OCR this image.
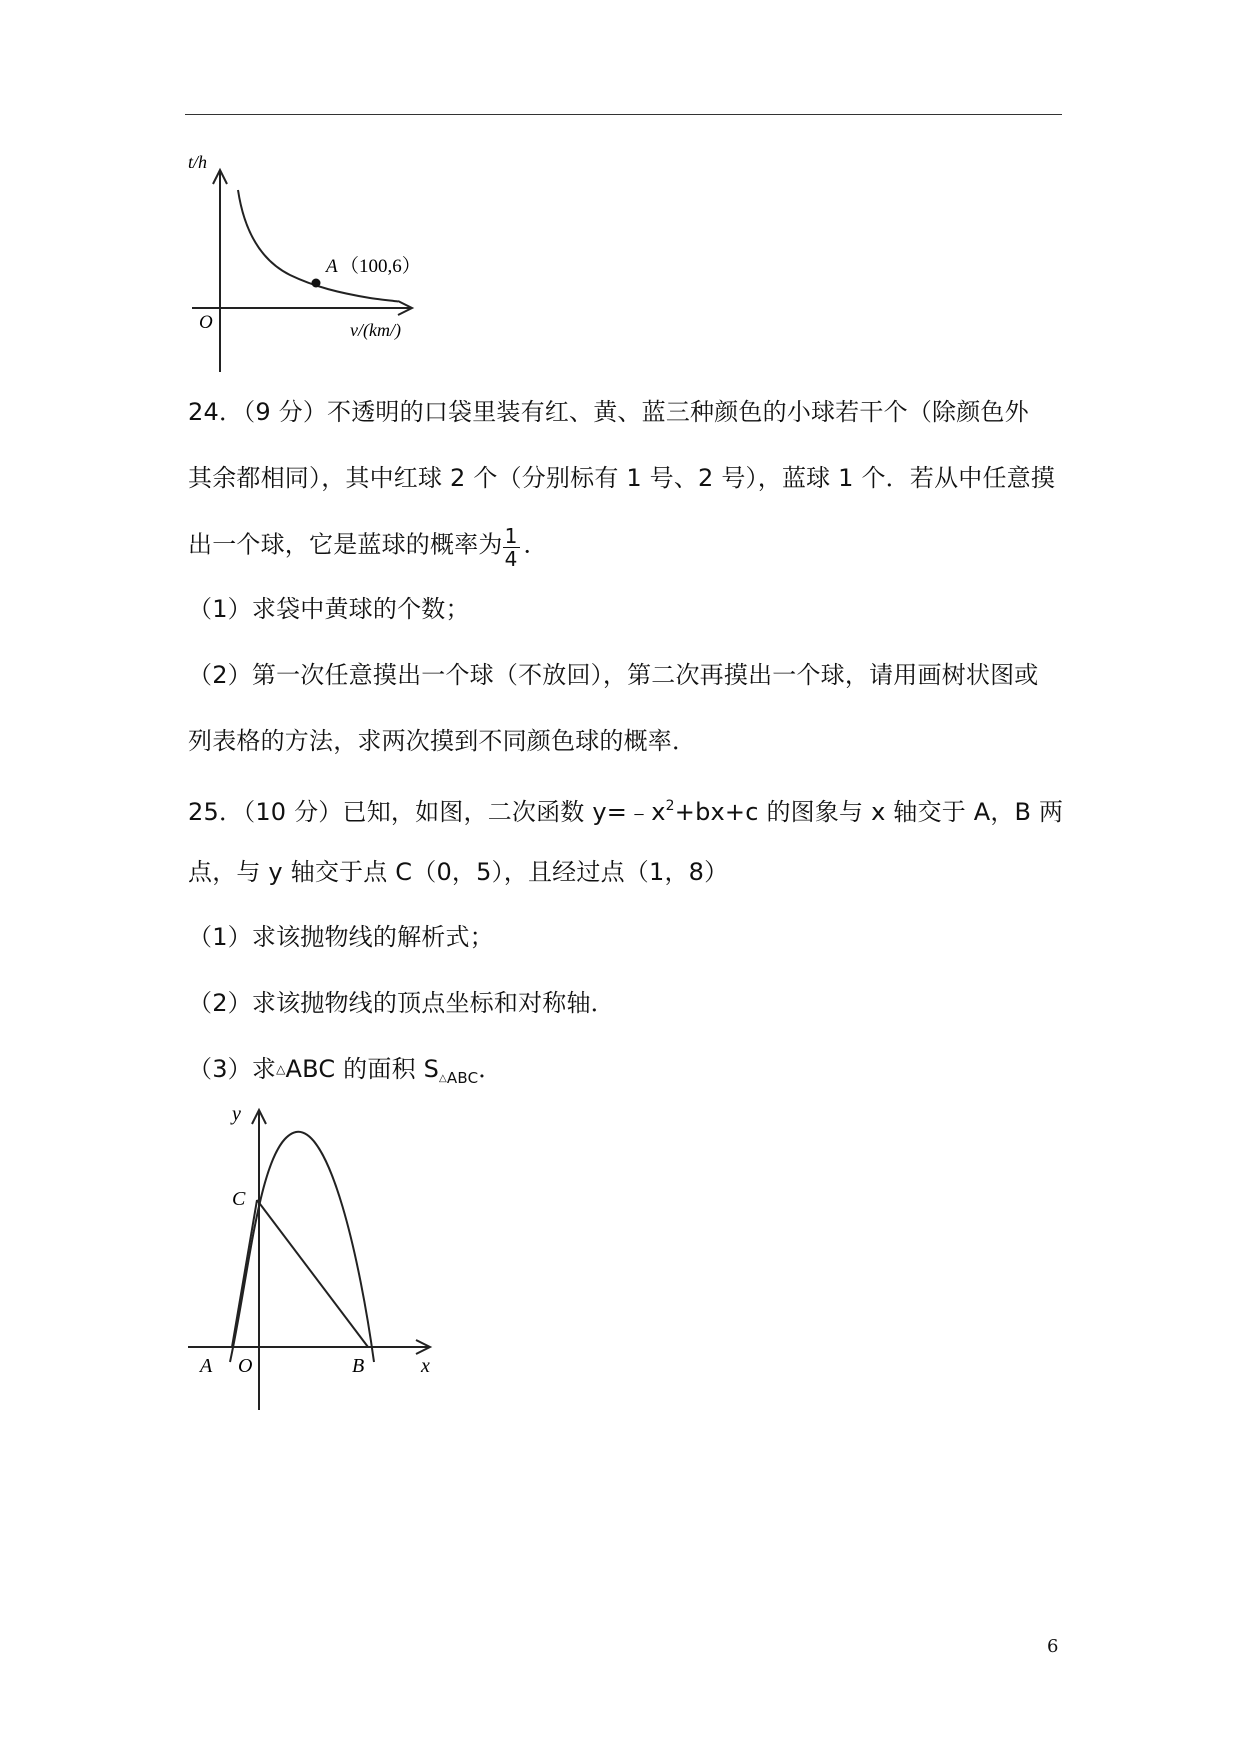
t/h
O	v/(km/)
A （100,6）
24．（9 分）不透明的口袋里装有红、黄、蓝三种颜色的小球若干个（除颜色外
其余都相同），其中红球 2 个（分别标有 1 号、2 号），蓝球 1 个．若从中任意摸
出一个球，它是蓝球的概率为 $\frac{1}{4}$ ．
（1）求袋中黄球的个数；
（2）第一次任意摸出一个球（不放回），第二次再摸出一个球，请用画树状图或
列表格的方法，求两次摸到不同颜色球的概率．
25．（10 分）已知，如图，二次函数 $y=﹣x^2+bx+c$ 的图象与 x 轴交于 A，B 两
点，与 y 轴交于点 C（0，5），且经过点（1，8）
（1）求该抛物线的解析式；
（2）求该抛物线的顶点坐标和对称轴．
（3）求△ABC 的面积 $S_{\triangle ABC}$．
y
C
A O	B	x
6
